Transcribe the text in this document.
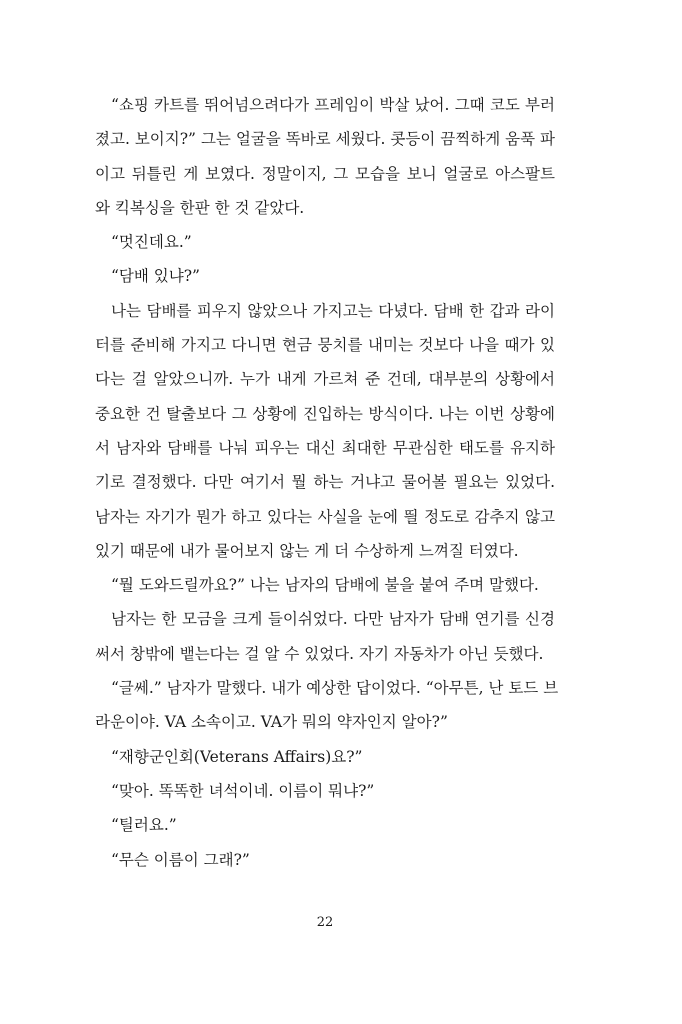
“쇼핑 카트를 뛰어넘으려다가 프레임이 박살 났어. 그때 코도 부러
졌고. 보이지?” 그는 얼굴을 똑바로 세웠다. 콧등이 끔찍하게 움푹 파
이고 뒤틀린 게 보였다. 정말이지, 그 모습을 보니 얼굴로 아스팔트
와 킥복싱을 한판 한 것 같았다.
“멋진데요.”
“담배 있냐?”
나는 담배를 피우지 않았으나 가지고는 다녔다. 담배 한 갑과 라이
터를 준비해 가지고 다니면 현금 뭉치를 내미는 것보다 나을 때가 있
다는 걸 알았으니까. 누가 내게 가르쳐 준 건데, 대부분의 상황에서
중요한 건 탈출보다 그 상황에 진입하는 방식이다. 나는 이번 상황에
서 남자와 담배를 나눠 피우는 대신 최대한 무관심한 태도를 유지하
기로 결정했다. 다만 여기서 뭘 하는 거냐고 물어볼 필요는 있었다.
남자는 자기가 뭔가 하고 있다는 사실을 눈에 띌 정도로 감추지 않고
있기 때문에 내가 물어보지 않는 게 더 수상하게 느껴질 터였다.
“뭘 도와드릴까요?” 나는 남자의 담배에 불을 붙여 주며 말했다.
남자는 한 모금을 크게 들이쉬었다. 다만 남자가 담배 연기를 신경
써서 창밖에 뱉는다는 걸 알 수 있었다. 자기 자동차가 아닌 듯했다.
“글쎄.” 남자가 말했다. 내가 예상한 답이었다. “아무튼, 난 토드 브
라운이야. VA 소속이고. VA가 뭐의 약자인지 알아?”
“재향군인회(Veterans Affairs)요?”
“맞아. 똑똑한 녀석이네. 이름이 뭐냐?”
“틸러요.”
“무슨 이름이 그래?”
22
